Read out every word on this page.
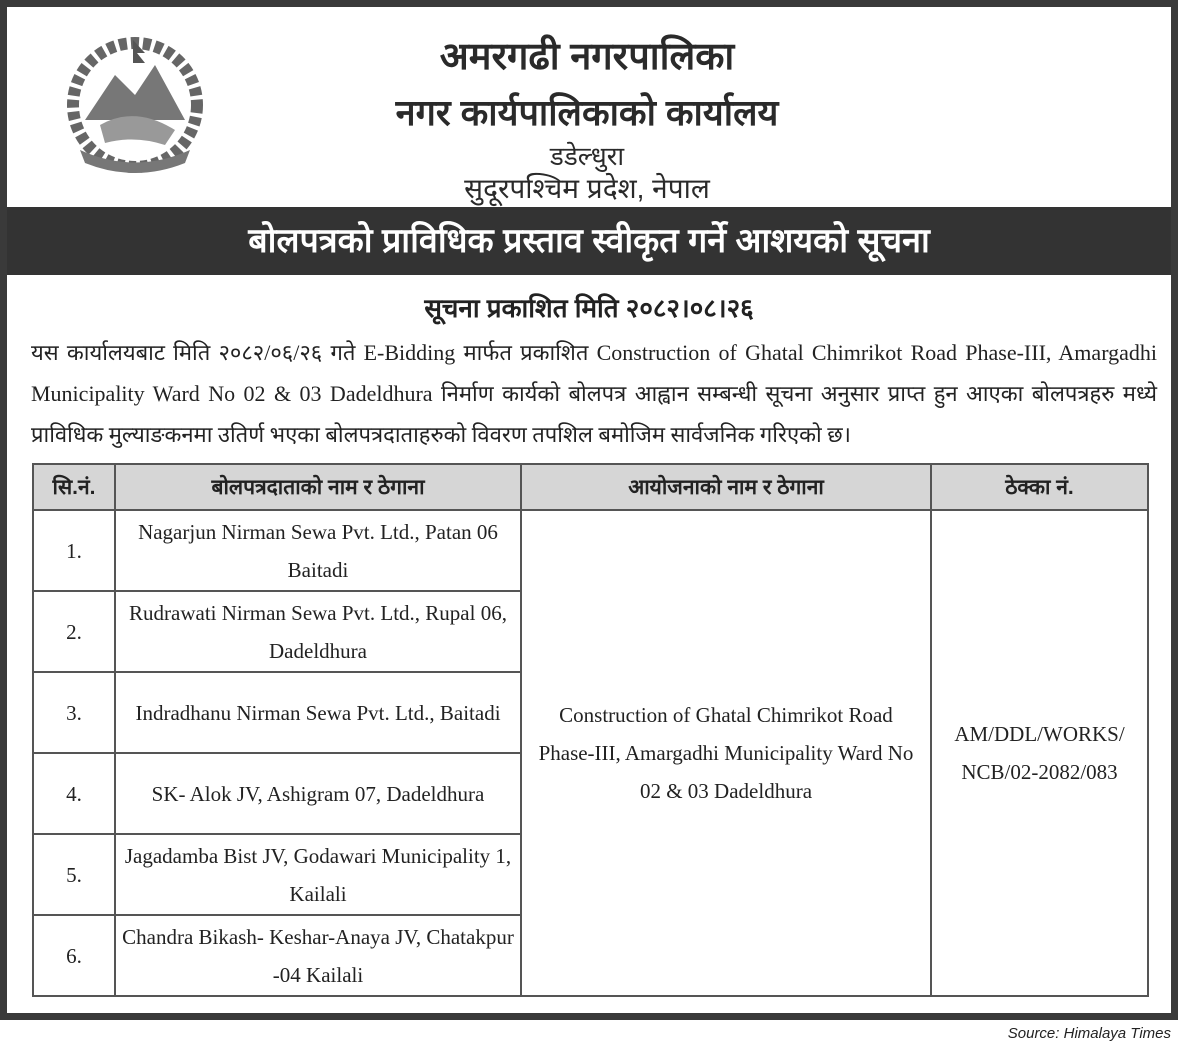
अमरगढी नगरपालिका
नगर कार्यपालिकाको कार्यालय
डडेल्धुरा
सुदूरपश्चिम प्रदेश, नेपाल
बोलपत्रको प्राविधिक प्रस्ताव स्वीकृत गर्ने आशयको सूचना
सूचना प्रकाशित मिति २०८२।०८।२६
यस कार्यालयबाट मिति २०८२/०६/२६ गते E-Bidding मार्फत प्रकाशित Construction of Ghatal Chimrikot Road Phase-III, Amargadhi Municipality Ward No 02 & 03 Dadeldhura निर्माण कार्यको बोलपत्र आह्वान सम्बन्धी सूचना अनुसार प्राप्त हुन आएका बोलपत्रहरु मध्ये प्राविधिक मुल्याङकनमा उतिर्ण भएका बोलपत्रदाताहरुको विवरण तपशिल बमोजिम सार्वजनिक गरिएको छ।
सि.नं.	बोलपत्रदाताको नाम र ठेगाना	आयोजनाको नाम र ठेगाना	ठेक्का नं.
1.	Nagarjun Nirman Sewa Pvt. Ltd., Patan 06 Baitadi	Construction of Ghatal Chimrikot Road Phase-III, Amargadhi Municipality Ward No 02 & 03 Dadeldhura	AM/DDL/WORKS/ NCB/02-2082/083
2.	Rudrawati Nirman Sewa Pvt. Ltd., Rupal 06, Dadeldhura		
3.	Indradhanu Nirman Sewa Pvt. Ltd., Baitadi		
4.	SK- Alok JV, Ashigram 07, Dadeldhura		
5.	Jagadamba Bist JV, Godawari Municipality 1, Kailali		
6.	Chandra Bikash- Keshar-Anaya JV, Chatakpur -04 Kailali		
Source: Himalaya Times
